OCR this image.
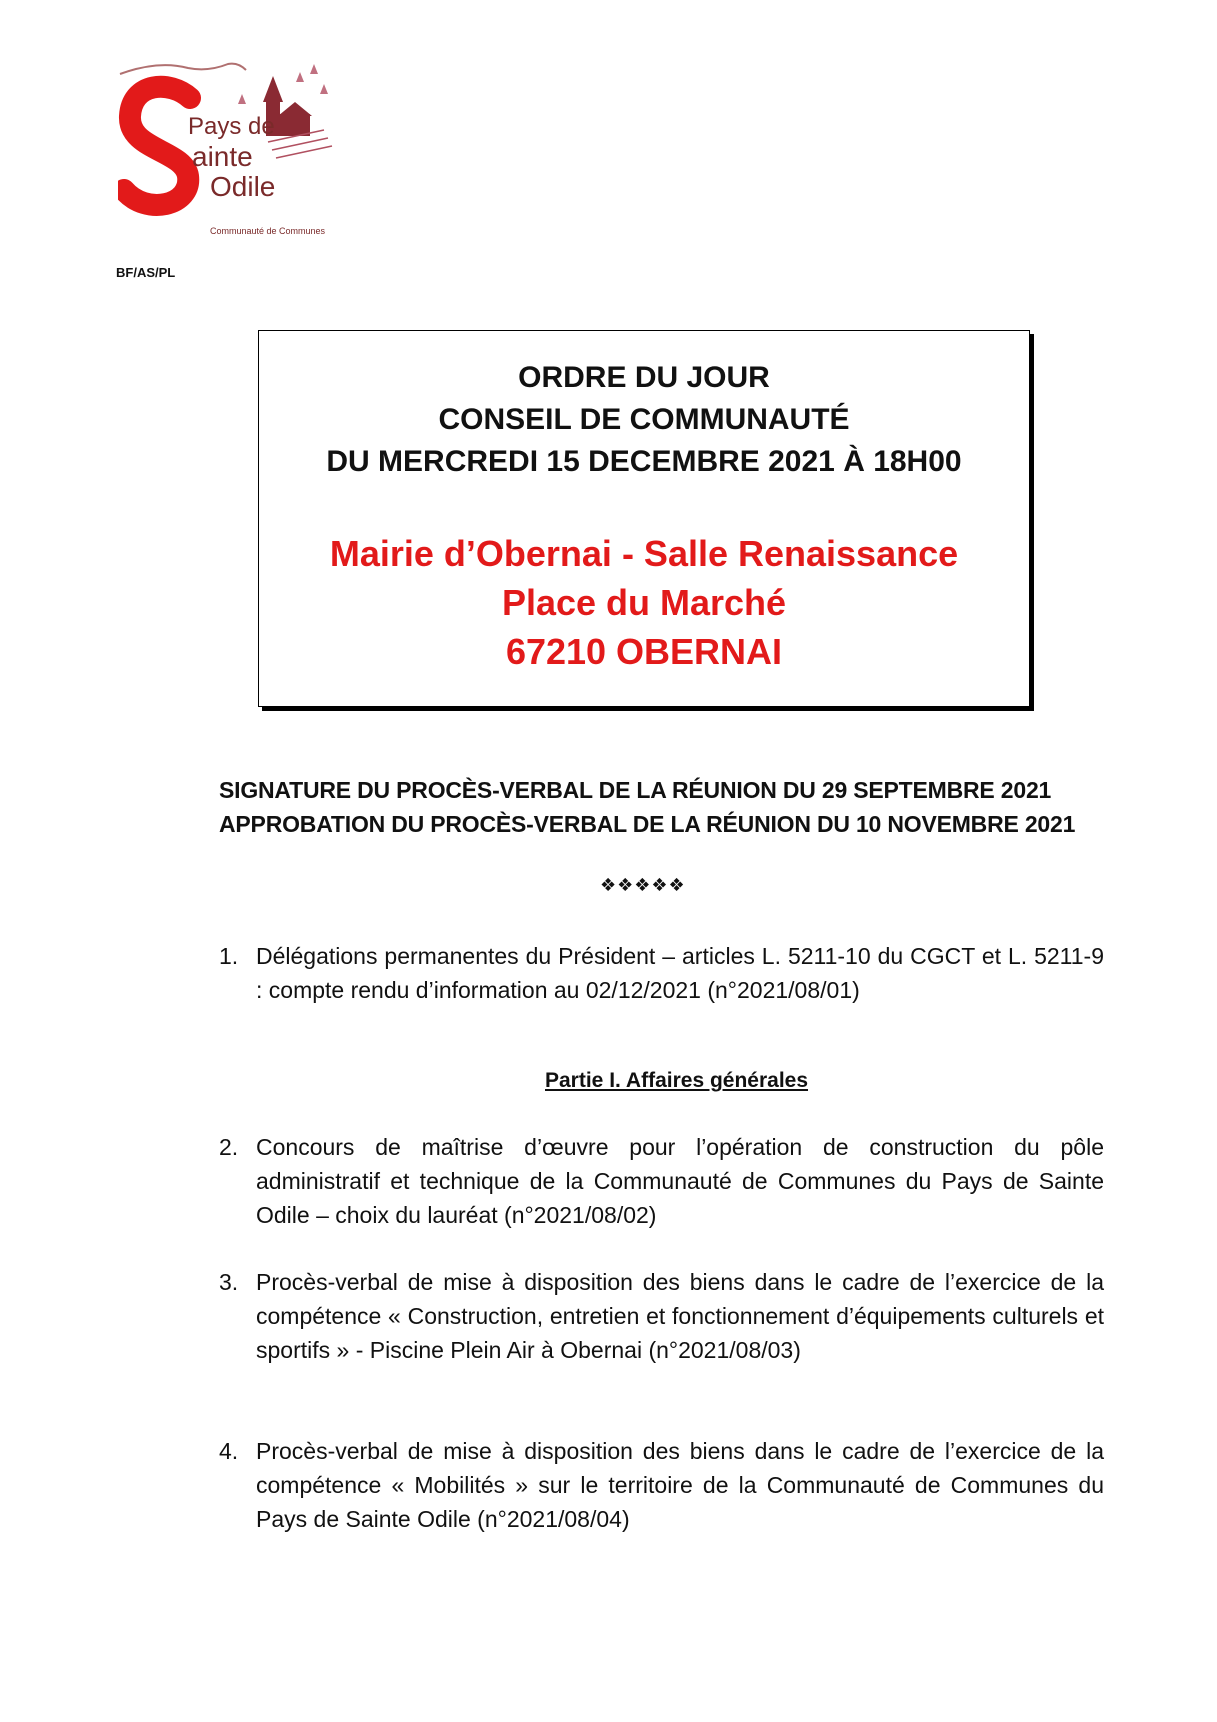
Pays de
ainte
Odile
Communauté de Communes
BF/AS/PL
ORDRE DU JOUR
CONSEIL DE COMMUNAUTÉ
DU MERCREDI 15 DECEMBRE 2021 À 18H00
Mairie d’Obernai - Salle Renaissance
Place du Marché
67210 OBERNAI
SIGNATURE DU PROCÈS-VERBAL DE LA RÉUNION DU 29 SEPTEMBRE 2021
APPROBATION DU PROCÈS-VERBAL DE LA RÉUNION DU 10 NOVEMBRE 2021
❖❖❖❖❖
1. Délégations permanentes du Président – articles L. 5211-10 du CGCT et L. 5211-9 : compte rendu d’information au 02/12/2021 (n°2021/08/01)
Partie I. Affaires générales
2. Concours de maîtrise d’œuvre pour l’opération de construction du pôle administratif et technique de la Communauté de Communes du Pays de Sainte Odile – choix du lauréat (n°2021/08/02)
3. Procès-verbal de mise à disposition des biens dans le cadre de l’exercice de la compétence « Construction, entretien et fonctionnement d’équipements culturels et sportifs » - Piscine Plein Air à Obernai (n°2021/08/03)
4. Procès-verbal de mise à disposition des biens dans le cadre de l’exercice de la compétence « Mobilités » sur le territoire de la Communauté de Communes du Pays de Sainte Odile (n°2021/08/04)
